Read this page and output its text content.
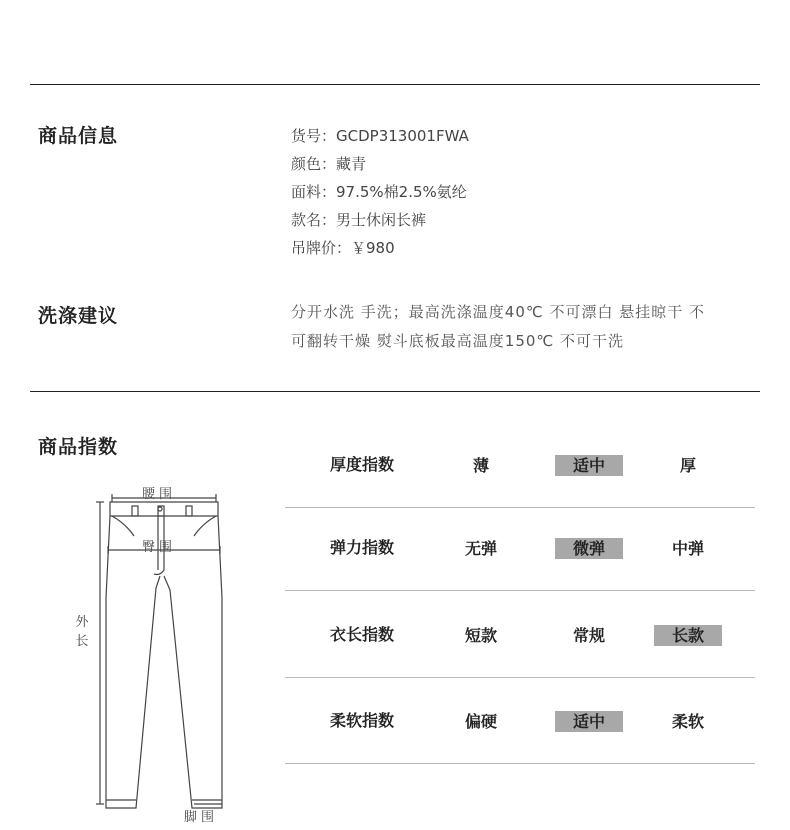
商品信息	货号：GCDP313001FWA
颜色：藏青
面料：97.5%棉2.5%氨纶
款名：男士休闲长裤
吊牌价：￥980
洗涤建议	分开水洗 手洗；最高洗涤温度40℃ 不可漂白 悬挂晾干 不
可翻转干燥 熨斗底板最高温度150℃ 不可干洗
商品指数
腰围
臀围
外长
脚围
厚度指数	薄	适中	厚
弹力指数	无弹	微弹	中弹
衣长指数	短款	常规	长款
柔软指数	偏硬	适中	柔软
